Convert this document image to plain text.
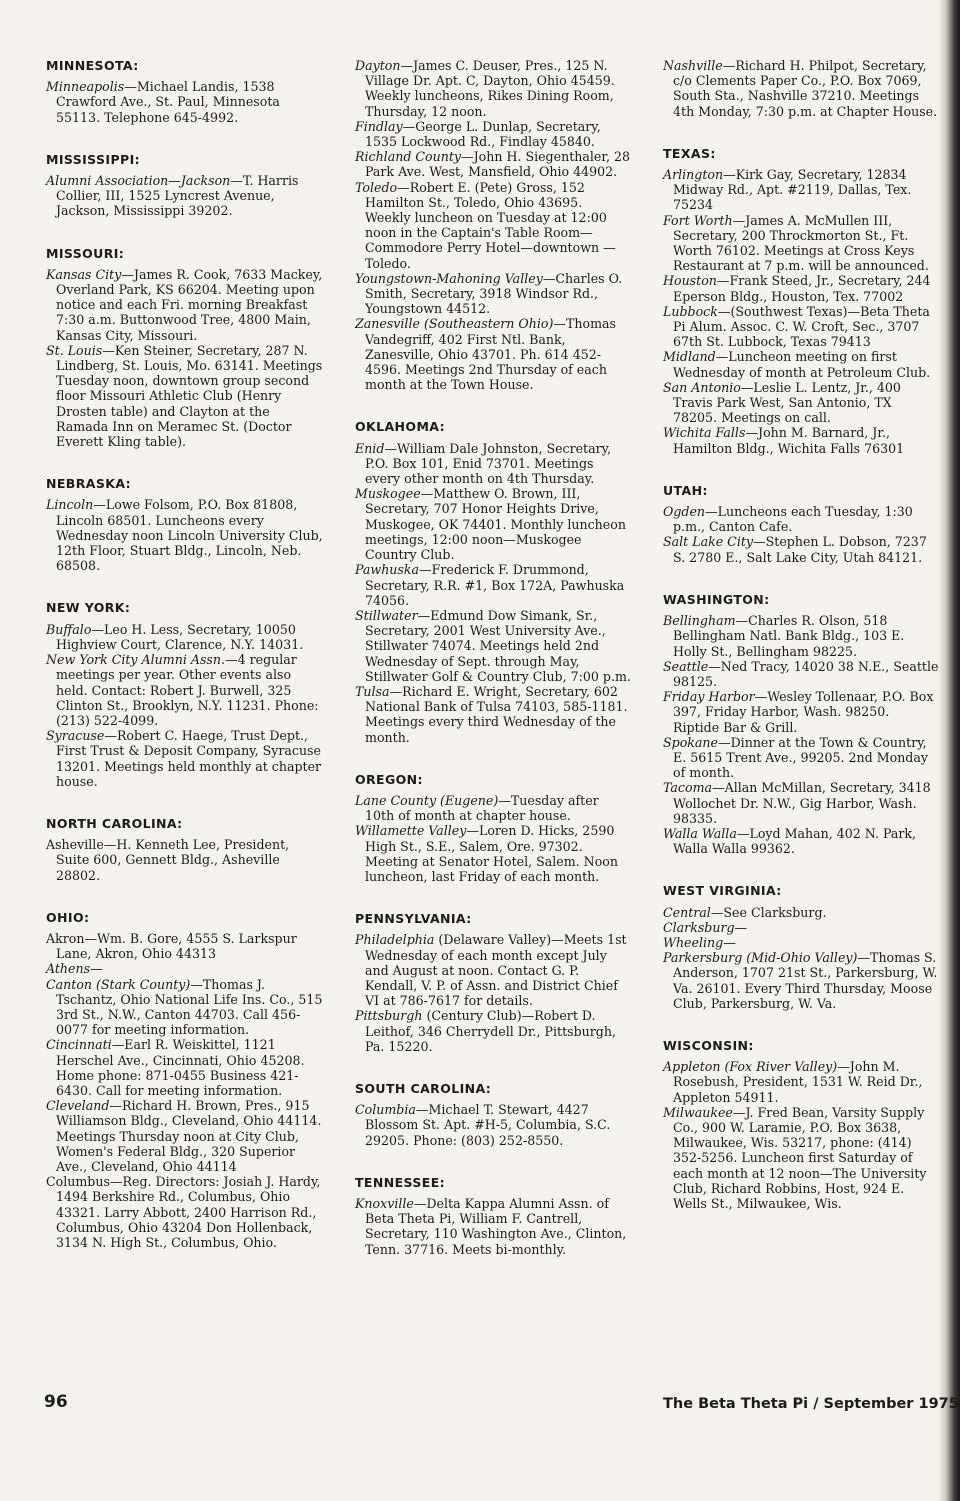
MINNESOTA:
Minneapolis—Michael Landis, 1538 Crawford Ave., St. Paul, Minnesota 55113. Telephone 645-4992.
MISSISSIPPI:
Alumni Association—Jackson—T. Harris Collier, III, 1525 Lyncrest Avenue, Jackson, Mississippi 39202.
MISSOURI:
Kansas City—James R. Cook, 7633 Mackey, Overland Park, KS 66204. Meeting upon notice and each Fri. morning Breakfast 7:30 a.m. Buttonwood Tree, 4800 Main, Kansas City, Missouri.
St. Louis—Ken Steiner, Secretary, 287 N. Lindberg, St. Louis, Mo. 63141. Meetings Tuesday noon, downtown group second floor Missouri Athletic Club (Henry Drosten table) and Clayton at the Ramada Inn on Meramec St. (Doctor Everett Kling table).
NEBRASKA:
Lincoln—Lowe Folsom, P.O. Box 81808, Lincoln 68501. Luncheons every Wednesday noon Lincoln University Club, 12th Floor, Stuart Bldg., Lincoln, Neb. 68508.
NEW YORK:
Buffalo—Leo H. Less, Secretary, 10050 Highview Court, Clarence, N.Y. 14031.
New York City Alumni Assn.—4 regular meetings per year. Other events also held. Contact: Robert J. Burwell, 325 Clinton St., Brooklyn, N.Y. 11231. Phone: (213) 522-4099.
Syracuse—Robert C. Haege, Trust Dept., First Trust & Deposit Company, Syracuse 13201. Meetings held monthly at chapter house.
NORTH CAROLINA:
Asheville—H. Kenneth Lee, President, Suite 600, Gennett Bldg., Asheville 28802.
OHIO:
Akron—Wm. B. Gore, 4555 S. Larkspur Lane, Akron, Ohio 44313
Athens—
Canton (Stark County)—Thomas J. Tschantz, Ohio National Life Ins. Co., 515 3rd St., N.W., Canton 44703. Call 456-0077 for meeting information.
Cincinnati—Earl R. Weiskittel, 1121 Herschel Ave., Cincinnati, Ohio 45208. Home phone: 871-0455 Business 421-6430. Call for meeting information.
Cleveland—Richard H. Brown, Pres., 915 Williamson Bldg., Cleveland, Ohio 44114. Meetings Thursday noon at City Club, Women's Federal Bldg., 320 Superior Ave., Cleveland, Ohio 44114
Columbus—Reg. Directors: Josiah J. Hardy, 1494 Berkshire Rd., Columbus, Ohio 43321. Larry Abbott, 2400 Harrison Rd., Columbus, Ohio 43204 Don Hollenback, 3134 N. High St., Columbus, Ohio.
Dayton—James C. Deuser, Pres., 125 N. Village Dr. Apt. C, Dayton, Ohio 45459. Weekly luncheons, Rikes Dining Room, Thursday, 12 noon.
Findlay—George L. Dunlap, Secretary, 1535 Lockwood Rd., Findlay 45840.
Richland County—John H. Siegenthaler, 28 Park Ave. West, Mansfield, Ohio 44902.
Toledo—Robert E. (Pete) Gross, 152 Hamilton St., Toledo, Ohio 43695. Weekly luncheon on Tuesday at 12:00 noon in the Captain's Table Room—Commodore Perry Hotel—downtown —Toledo.
Youngstown-Mahoning Valley—Charles O. Smith, Secretary, 3918 Windsor Rd., Youngstown 44512.
Zanesville (Southeastern Ohio)—Thomas Vandegriff, 402 First Ntl. Bank, Zanesville, Ohio 43701. Ph. 614 452-4596. Meetings 2nd Thursday of each month at the Town House.
OKLAHOMA:
Enid—William Dale Johnston, Secretary, P.O. Box 101, Enid 73701. Meetings every other month on 4th Thursday.
Muskogee—Matthew O. Brown, III, Secretary, 707 Honor Heights Drive, Muskogee, OK 74401. Monthly luncheon meetings, 12:00 noon—Muskogee Country Club.
Pawhuska—Frederick F. Drummond, Secretary, R.R. #1, Box 172A, Pawhuska 74056.
Stillwater—Edmund Dow Simank, Sr., Secretary, 2001 West University Ave., Stillwater 74074. Meetings held 2nd Wednesday of Sept. through May, Stillwater Golf & Country Club, 7:00 p.m.
Tulsa—Richard E. Wright, Secretary, 602 National Bank of Tulsa 74103, 585-1181. Meetings every third Wednesday of the month.
OREGON:
Lane County (Eugene)—Tuesday after 10th of month at chapter house.
Willamette Valley—Loren D. Hicks, 2590 High St., S.E., Salem, Ore. 97302. Meeting at Senator Hotel, Salem. Noon luncheon, last Friday of each month.
PENNSYLVANIA:
Philadelphia (Delaware Valley)—Meets 1st Wednesday of each month except July and August at noon. Contact G. P. Kendall, V. P. of Assn. and District Chief VI at 786-7617 for details.
Pittsburgh (Century Club)—Robert D. Leithof, 346 Cherrydell Dr., Pittsburgh, Pa. 15220.
SOUTH CAROLINA:
Columbia—Michael T. Stewart, 4427 Blossom St. Apt. #H-5, Columbia, S.C. 29205. Phone: (803) 252-8550.
TENNESSEE:
Knoxville—Delta Kappa Alumni Assn. of Beta Theta Pi, William F. Cantrell, Secretary, 110 Washington Ave., Clinton, Tenn. 37716. Meets bi-monthly.
Nashville—Richard H. Philpot, Secretary, c/o Clements Paper Co., P.O. Box 7069, South Sta., Nashville 37210. Meetings 4th Monday, 7:30 p.m. at Chapter House.
TEXAS:
Arlington—Kirk Gay, Secretary, 12834 Midway Rd., Apt. #2119, Dallas, Tex. 75234
Fort Worth—James A. McMullen III, Secretary, 200 Throckmorton St., Ft. Worth 76102. Meetings at Cross Keys Restaurant at 7 p.m. will be announced.
Houston—Frank Steed, Jr., Secretary, 244 Eperson Bldg., Houston, Tex. 77002
Lubbock—(Southwest Texas)—Beta Theta Pi Alum. Assoc. C. W. Croft, Sec., 3707 67th St. Lubbock, Texas 79413
Midland—Luncheon meeting on first Wednesday of month at Petroleum Club.
San Antonio—Leslie L. Lentz, Jr., 400 Travis Park West, San Antonio, TX 78205. Meetings on call.
Wichita Falls—John M. Barnard, Jr., Hamilton Bldg., Wichita Falls 76301
UTAH:
Ogden—Luncheons each Tuesday, 1:30 p.m., Canton Cafe.
Salt Lake City—Stephen L. Dobson, 7237 S. 2780 E., Salt Lake City, Utah 84121.
WASHINGTON:
Bellingham—Charles R. Olson, 518 Bellingham Natl. Bank Bldg., 103 E. Holly St., Bellingham 98225.
Seattle—Ned Tracy, 14020 38 N.E., Seattle 98125.
Friday Harbor—Wesley Tollenaar, P.O. Box 397, Friday Harbor, Wash. 98250. Riptide Bar & Grill.
Spokane—Dinner at the Town & Country, E. 5615 Trent Ave., 99205. 2nd Monday of month.
Tacoma—Allan McMillan, Secretary, 3418 Wollochet Dr. N.W., Gig Harbor, Wash. 98335.
Walla Walla—Loyd Mahan, 402 N. Park, Walla Walla 99362.
WEST VIRGINIA:
Central—See Clarksburg.
Clarksburg—
Wheeling—
Parkersburg (Mid-Ohio Valley)—Thomas S. Anderson, 1707 21st St., Parkersburg, W. Va. 26101. Every Third Thursday, Moose Club, Parkersburg, W. Va.
WISCONSIN:
Appleton (Fox River Valley)—John M. Rosebush, President, 1531 W. Reid Dr., Appleton 54911.
Milwaukee—J. Fred Bean, Varsity Supply Co., 900 W. Laramie, P.O. Box 3638, Milwaukee, Wis. 53217, phone: (414) 352-5256. Luncheon first Saturday of each month at 12 noon—The University Club, Richard Robbins, Host, 924 E. Wells St., Milwaukee, Wis.
96	The Beta Theta Pi / September 1975
